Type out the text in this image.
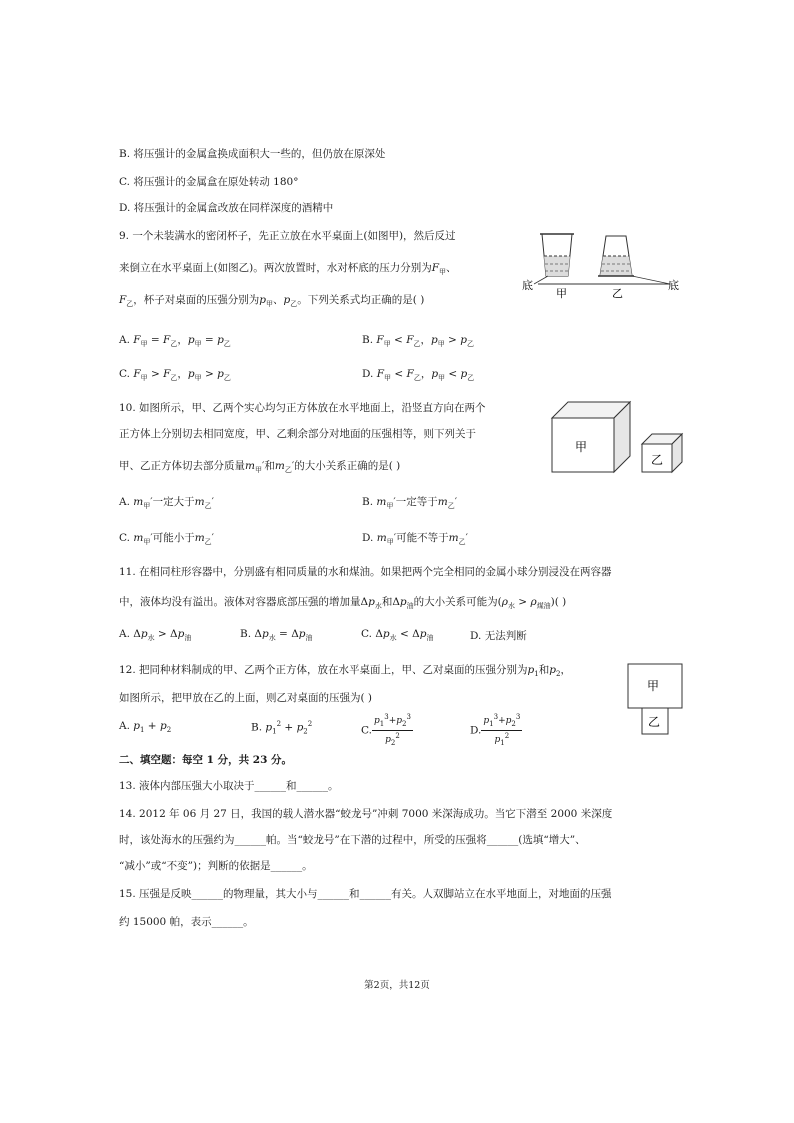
B. 将压强计的金属盒换成面积大一些的，但仍放在原深处
C. 将压强计的金属盒在原处转动 180°
D. 将压强计的金属盒改放在同样深度的酒精中
9. 一个未装满水的密闭杯子，先正立放在水平桌面上(如图甲)，然后反过
来倒立在水平桌面上(如图乙)。两次放置时，水对杯底的压力分别为$F_甲$、
$F_乙$，杯子对桌面的压强分别为$p_甲$、$p_乙$。下列关系式均正确的是( )
底
甲	乙
底
A. $F_甲 = F_乙$，$p_甲 = p_乙$	B. $F_甲 < F_乙$，$p_甲 > p_乙$
C. $F_甲 > F_乙$，$p_甲 > p_乙$	D. $F_甲 < F_乙$，$p_甲 < p_乙$
10. 如图所示，甲、乙两个实心均匀正方体放在水平地面上，沿竖直方向在两个
正方体上分别切去相同宽度，甲、乙剩余部分对地面的压强相等，则下列关于
甲、乙正方体切去部分质量$m_甲'$和$m_乙'$的大小关系正确的是( )
甲
乙
A. $m_甲'$一定大于$m_乙'$	B. $m_甲'$一定等于$m_乙'$
C. $m_甲'$可能小于$m_乙'$	D. $m_甲'$可能不等于$m_乙'$
11. 在相同柱形容器中，分别盛有相同质量的水和煤油。如果把两个完全相同的金属小球分别浸没在两容器
中，液体均没有溢出。液体对容器底部压强的增加量$\Delta p_水$和$\Delta p_油$的大小关系可能为$(\rho_水 > \rho_{煤油})$( )
A. $\Delta p_水 > \Delta p_油$	B. $\Delta p_水 = \Delta p_油$	C. $\Delta p_水 < \Delta p_油$	D. 无法判断
12. 把同种材料制成的甲、乙两个正方体，放在水平桌面上，甲、乙对桌面的压强分别为$p_1$和$p_2$，
如图所示，把甲放在乙的上面，则乙对桌面的压强为( )
甲
乙
A. $p_1 + p_2$	B. $p_1^2 + p_2^2$
C. $\frac{p_1^3+p_2^3}{p_2^2}$	D. $\frac{p_1^3+p_2^3}{p_1^2}$
二、填空题：每空 1 分，共 23 分。
13. 液体内部压强大小取决于______和______。
14. 2012 年 06 月 27 日，我国的载人潜水器“蛟龙号”冲刺 7000 米深海成功。当它下潜至 2000 米深度
时，该处海水的压强约为______帕。当“蛟龙号”在下潜的过程中，所受的压强将______(选填“增大”、
“减小”或“不变”)；判断的依据是______。
15. 压强是反映______的物理量，其大小与______和______有关。人双脚站立在水平地面上，对地面的压强
约 15000 帕，表示______。
第2页，共12页
